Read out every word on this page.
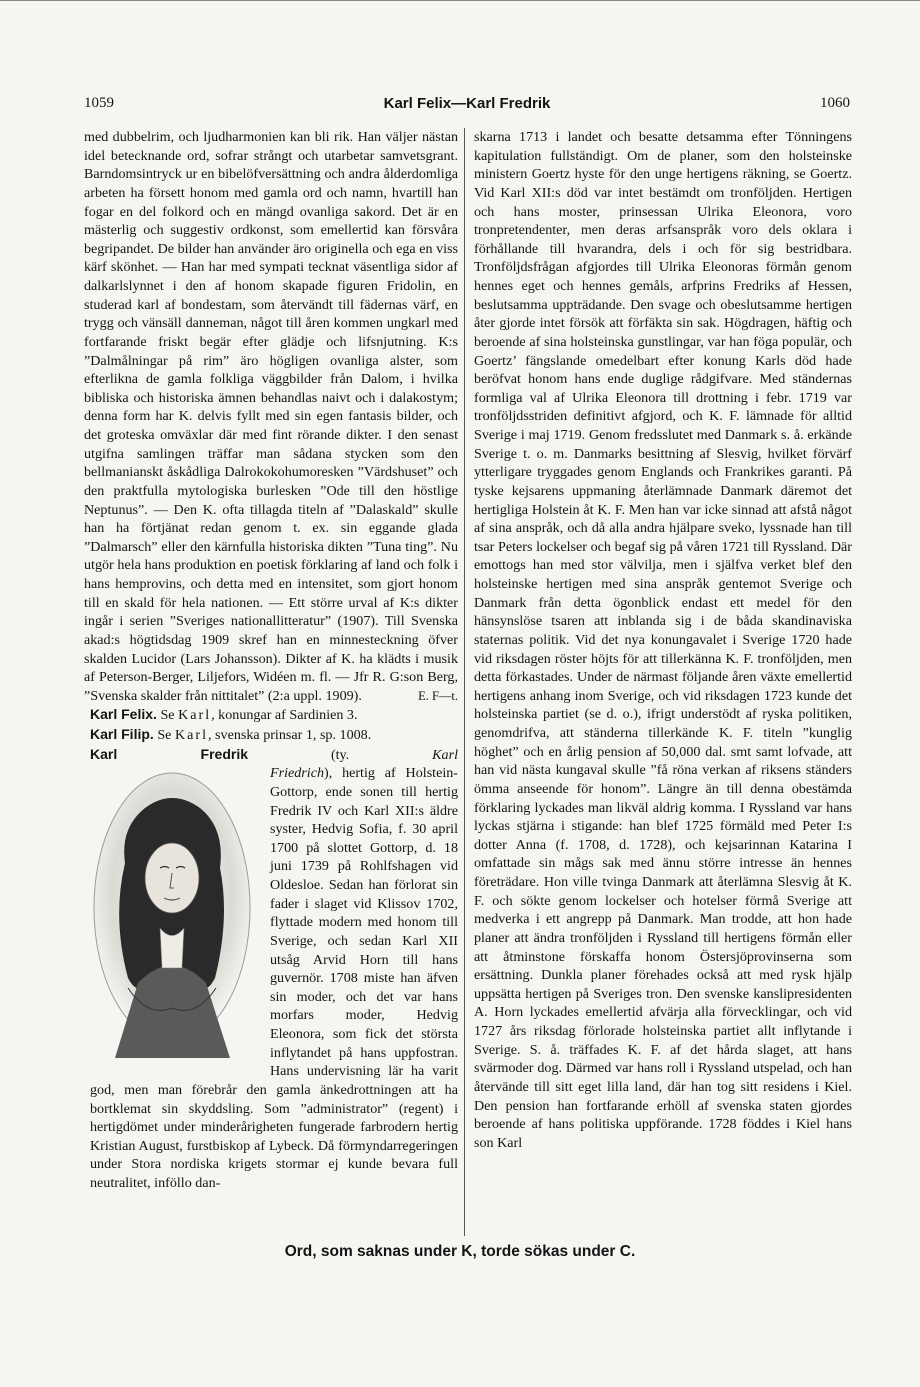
1059	Karl Felix—Karl Fredrik	1060

med dubbelrim, och ljudharmonien kan bli rik. Han väljer nästan idel betecknande ord, sofrar strångt och utarbetar samvetsgrant. Barndomsintryck ur en bibelöfversättning och andra ålderdomliga arbeten ha försett honom med gamla ord och namn, hvartill han fogar en del folkord och en mängd ovanliga sakord. Det är en mästerlig och suggestiv ordkonst, som emellertid kan försvåra begripandet. De bilder han använder äro originella och ega en viss kärf skönhet. — Han har med sympati tecknat väsentliga sidor af dalkarlslynnet i den af honom skapade figuren Fridolin, en studerad karl af bondestam, som återvändt till fädernas värf, en trygg och vänsäll danneman, något till åren kommen ungkarl med fortfarande friskt begär efter glädje och lifsnjutning. K:s ”Dalmålningar på rim” äro högligen ovanliga alster, som efterlikna de gamla folkliga väggbilder från Dalom, i hvilka bibliska och historiska ämnen behandlas naivt och i dalakostym; denna form har K. delvis fyllt med sin egen fantasis bilder, och det groteska omväxlar där med fint rörande dikter. I den senast utgifna samlingen träffar man sådana stycken som den bellmanianskt åskådliga Dalrokokohumoresken ”Värdshuset” och den praktfulla mytologiska burlesken ”Ode till den höstlige Neptunus”. — Den K. ofta tillagda titeln af ”Dalaskald” skulle han ha förtjänat redan genom t. ex. sin eggande glada ”Dalmarsch” eller den kärnfulla historiska dikten ”Tuna ting”. Nu utgör hela hans produktion en poetisk förklaring af land och folk i hans hemprovins, och detta med en intensitet, som gjort honom till en skald för hela nationen. — Ett större urval af K:s dikter ingår i serien ”Sveriges nationallitteratur” (1907). Till Svenska akad:s högtidsdag 1909 skref han en minnesteckning öfver skalden Lucidor (Lars Johansson). Dikter af K. ha klädts i musik af Peterson-Berger, Liljefors, Widéen m. fl. — Jfr R. G:son Berg, ”Svenska skalder från nittitalet” (2:a uppl. 1909).	E. F—t.

Karl Felix. Se Karl, konungar af Sardinien 3.

Karl Filip. Se Karl, svenska prinsar 1, sp. 1008.

Karl Fredrik	(ty.	Karl Friedrich
), hertig af Holstein-Gottorp, ende sonen till hertig Fredrik IV och Karl XII:s äldre syster, Hedvig Sofia, f. 30 april 1700 på slottet Gottorp, d. 18 juni 1739 på Rohlfshagen vid Oldesloe. Sedan han förlorat sin fader i slaget vid Klissov 1702, flyttade modern med honom till Sverige, och sedan Karl XII utsåg Arvid Horn till hans guvernör. 1708 miste han äfven sin moder, och det var hans morfars moder, Hedvig Eleonora, som fick det största inflytandet på hans uppfostran. Hans undervisning lär ha varit god, men man förebrår den gamla änkedrottningen att ha bortklemat sin skyddsling. Som ”administrator” (regent) i hertigdömet under minderårigheten fungerade farbrodern hertig Kristian August, furstbiskop af Lybeck. Då förmyndarregeringen under Stora nordiska krigets stormar ej kunde bevara full neutralitet, inföllo dan-

skarna 1713 i landet och besatte detsamma efter Tönningens kapitulation fullständigt. Om de planer, som den holsteinske ministern Goertz hyste för den unge hertigens räkning, se Goertz. Vid Karl XII:s död var intet bestämdt om tronföljden. Hertigen och hans moster, prinsessan Ulrika Eleonora, voro tronpretendenter, men deras arfsanspråk voro dels oklara i förhållande till hvarandra, dels i och för sig bestridbara. Tronföljdsfrågan afgjordes till Ulrika Eleonoras förmån genom hennes eget och hennes gemåls, arfprins Fredriks af Hessen, beslutsamma uppträdande. Den svage och obeslutsamme hertigen åter gjorde intet försök att förfäkta sin sak. Högdragen, häftig och beroende af sina holsteinska gunstlingar, var han föga populär, och Goertz’ fängslande omedelbart efter konung Karls död hade beröfvat honom hans ende duglige rådgifvare. Med ständernas formliga val af Ulrika Eleonora till drottning i febr. 1719 var tronföljdsstriden definitivt afgjord, och K. F. lämnade för alltid Sverige i maj 1719. Genom fredsslutet med Danmark s. å. erkände Sverige t. o. m. Danmarks besittning af Slesvig, hvilket förvärf ytterligare tryggades genom Englands och Frankrikes garanti. På tyske kejsarens uppmaning återlämnade Danmark däremot det hertigliga Holstein åt K. F. Men han var icke sinnad att afstå något af sina anspråk, och då alla andra hjälpare sveko, lyssnade han till tsar Peters lockelser och begaf sig på våren 1721 till Ryssland. Där emottogs han med stor välvilja, men i själfva verket blef den holsteinske hertigen med sina anspråk gentemot Sverige och Danmark från detta ögonblick endast ett medel för den hänsynslöse tsaren att inblanda sig i de båda skandinaviska staternas politik. Vid det nya konungavalet i Sverige 1720 hade vid riksdagen röster höjts för att tillerkänna K. F. tronföljden, men detta förkastades. Under de närmast följande åren växte emellertid hertigens anhang inom Sverige, och vid riksdagen 1723 kunde det holsteinska partiet (se d. o.), ifrigt understödt af ryska politiken, genomdrifva, att ständerna tillerkände K. F. titeln ”kunglig höghet” och en årlig pension af 50,000 dal. smt samt lofvade, att han vid nästa kungaval skulle ”få röna verkan af riksens ständers ömma anseende för honom”. Längre än till denna obestämda förklaring lyckades man likväl aldrig komma. I Ryssland var hans lyckas stjärna i stigande: han blef 1725 förmäld med Peter I:s dotter Anna (f. 1708, d. 1728), och kejsarinnan Katarina I omfattade sin mågs sak med ännu större intresse än hennes företrädare. Hon ville tvinga Danmark att återlämna Slesvig åt K. F. och sökte genom lockelser och hotelser förmå Sverige att medverka i ett angrepp på Danmark. Man trodde, att hon hade planer att ändra tronföljden i Ryssland till hertigens förmån eller att åtminstone förskaffa honom Östersjöprovinserna som ersättning. Dunkla planer förehades också att med rysk hjälp uppsätta hertigen på Sveriges tron. Den svenske kanslipresidenten A. Horn lyckades emellertid afvärja alla förvecklingar, och vid 1727 års riksdag förlorade holsteinska partiet allt inflytande i Sverige. S. å. träffades K. F. af det hårda slaget, att hans svärmoder dog. Därmed var hans roll i Ryssland utspelad, och han återvände till sitt eget lilla land, där han tog sitt residens i Kiel. Den pension han fortfarande erhöll af svenska staten gjordes beroende af hans politiska uppförande. 1728 föddes i Kiel hans son Karl

Ord, som saknas under K, torde sökas under C.
